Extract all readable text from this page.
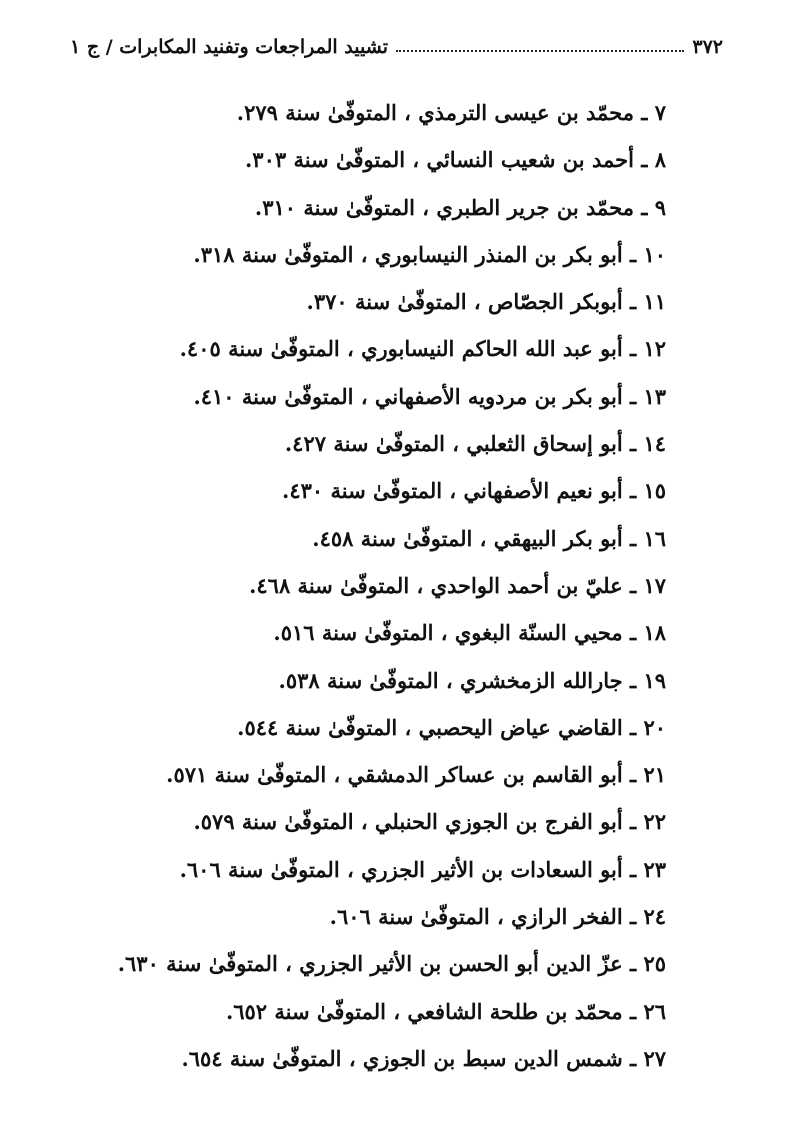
٣٧٢
تشييد المراجعات وتفنيد المكابرات / ج ١
٧ ـ محمّد بن عيسى الترمذي ، المتوفّىٰ سنة ٢٧٩.
٨ ـ أحمد بن شعيب النسائي ، المتوفّىٰ سنة ٣٠٣.
٩ ـ محمّد بن جرير الطبري ، المتوفّىٰ سنة ٣١٠.
١٠ ـ أبو بكر بن المنذر النيسابوري ، المتوفّىٰ سنة ٣١٨.
١١ ـ أبوبكر الجصّاص ، المتوفّىٰ سنة ٣٧٠.
١٢ ـ أبو عبد الله الحاكم النيسابوري ، المتوفّىٰ سنة ٤٠٥.
١٣ ـ أبو بكر بن مردويه الأصفهاني ، المتوفّىٰ سنة ٤١٠.
١٤ ـ أبو إسحاق الثعلبي ، المتوفّىٰ سنة ٤٢٧.
١٥ ـ أبو نعيم الأصفهاني ، المتوفّىٰ سنة ٤٣٠.
١٦ ـ أبو بكر البيهقي ، المتوفّىٰ سنة ٤٥٨.
١٧ ـ عليّ بن أحمد الواحدي ، المتوفّىٰ سنة ٤٦٨.
١٨ ـ محيي السنّة البغوي ، المتوفّىٰ سنة ٥١٦.
١٩ ـ جارالله الزمخشري ، المتوفّىٰ سنة ٥٣٨.
٢٠ ـ القاضي عياض اليحصبي ، المتوفّىٰ سنة ٥٤٤.
٢١ ـ أبو القاسم بن عساكر الدمشقي ، المتوفّىٰ سنة ٥٧١.
٢٢ ـ أبو الفرج بن الجوزي الحنبلي ، المتوفّىٰ سنة ٥٧٩.
٢٣ ـ أبو السعادات بن الأثير الجزري ، المتوفّىٰ سنة ٦٠٦.
٢٤ ـ الفخر الرازي ، المتوفّىٰ سنة ٦٠٦.
٢٥ ـ عزّ الدين أبو الحسن بن الأثير الجزري ، المتوفّىٰ سنة ٦٣٠.
٢٦ ـ محمّد بن طلحة الشافعي ، المتوفّىٰ سنة ٦٥٢.
٢٧ ـ شمس الدين سبط بن الجوزي ، المتوفّىٰ سنة ٦٥٤.
